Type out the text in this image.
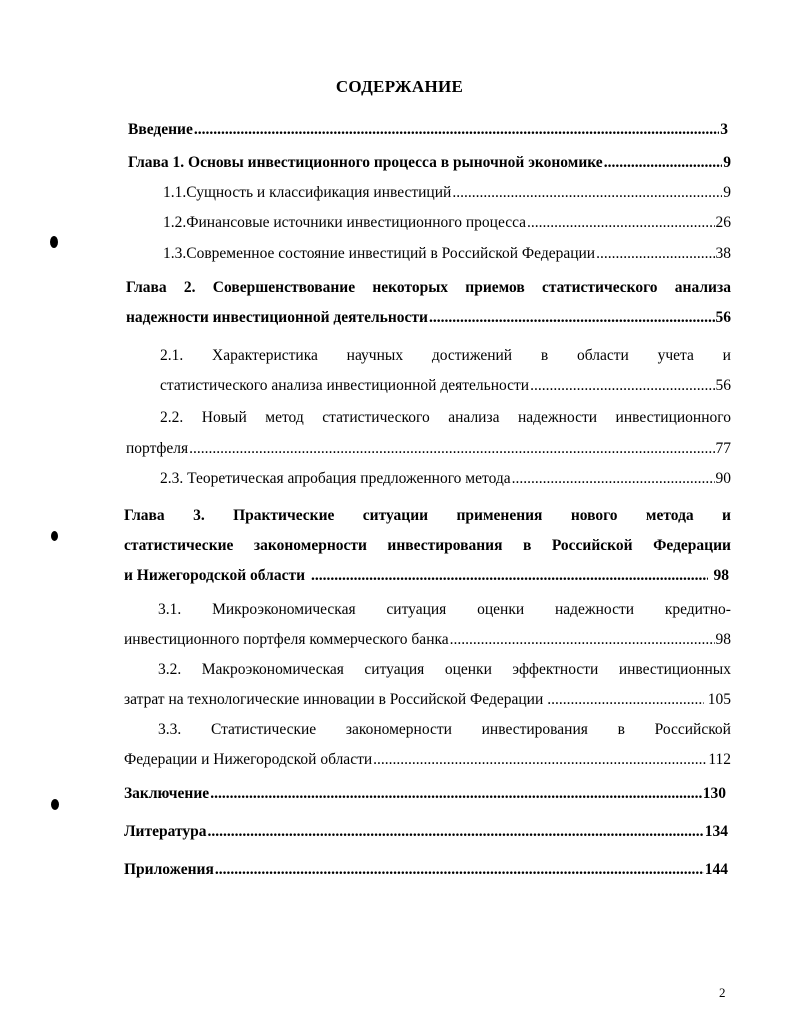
СОДЕРЖАНИЕ
Введение .....	3
Глава 1. Основы инвестиционного процесса в рыночной экономике .....	9
1.1.Сущность и классификация инвестиций .....	9
1.2.Финансовые источники инвестиционного процесса .....	26
1.3.Современное состояние инвестиций в Российской Федерации .....	38
Глава 2. Совершенствование некоторых приемов статистического анализа
надежности инвестиционной деятельности .....	56
2.1. Характеристика научных достижений в области учета и
статистического анализа инвестиционной деятельности .....	56
2.2. Новый метод статистического анализа надежности инвестиционного
портфеля .....	77
2.3. Теоретическая апробация предложенного метода .....	90
Глава 3. Практические ситуации применения нового метода и
статистические закономерности инвестирования в Российской Федерации
и Нижегородской области .....	98
3.1. Микроэкономическая ситуация оценки надежности кредитно-
инвестиционного портфеля коммерческого банка .....	98
3.2. Макроэкономическая ситуация оценки эффектности инвестиционных
затрат на технологические инновации в Российской Федерации .....	105
3.3. Статистические закономерности инвестирования в Российской
Федерации и Нижегородской области .....	112
Заключение .....	130
Литература .....	134
Приложения .....	144
2
